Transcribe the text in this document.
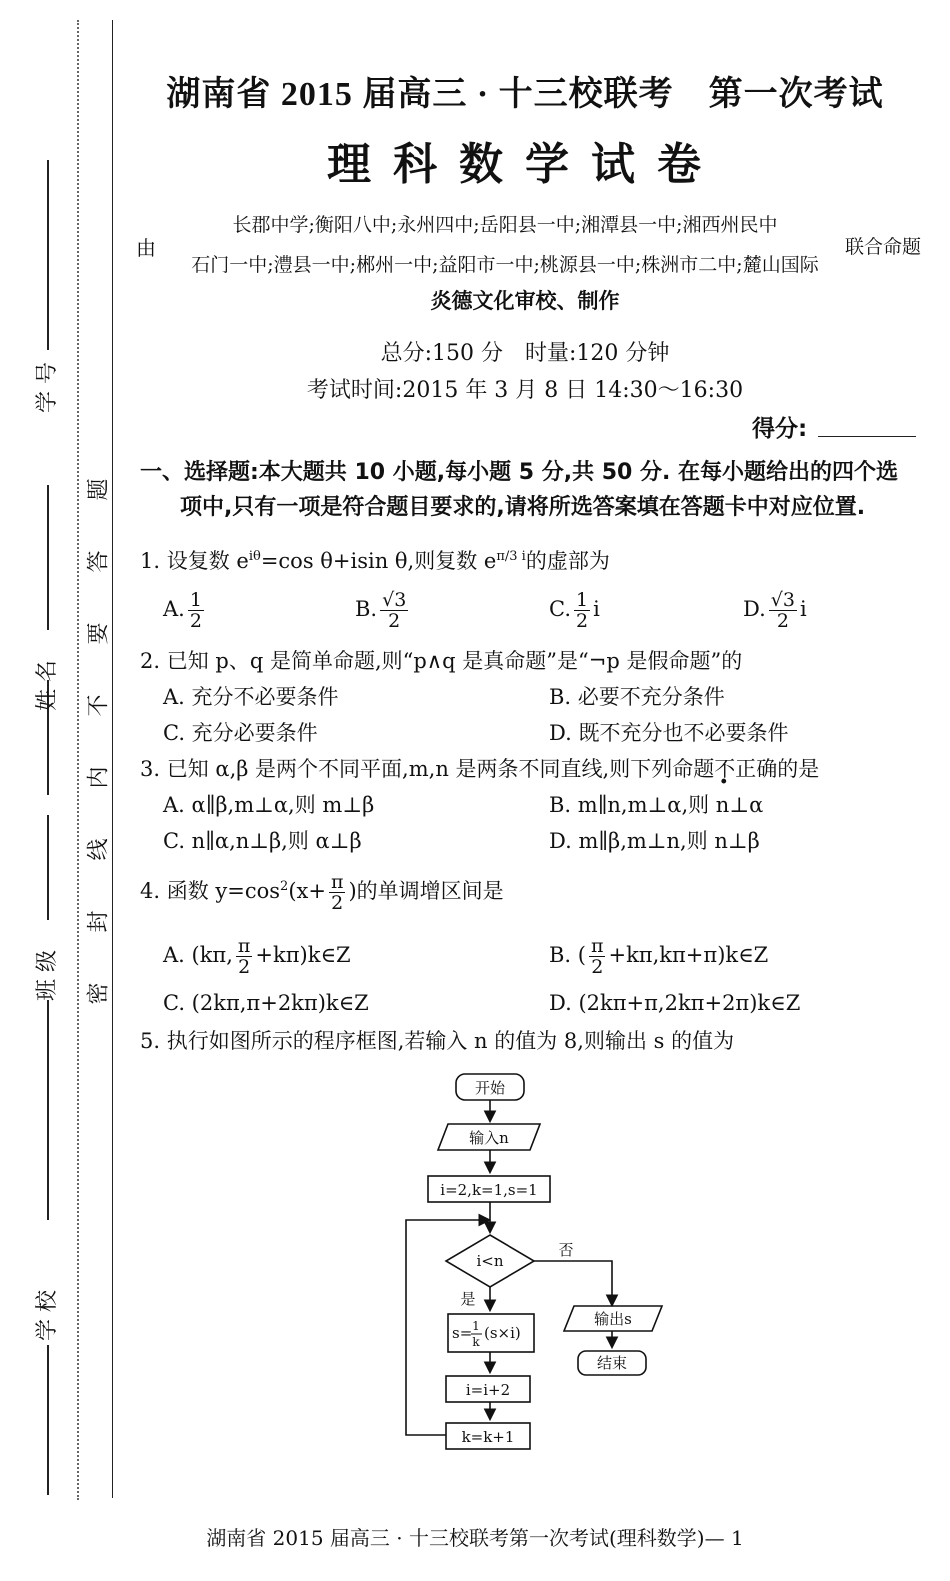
学 号
姓 名
班 级
学 校
密
封
线
内
不
要
答
题
湖南省 2015 届高三 · 十三校联考　第一次考试
理科数学试卷
由
长郡中学;衡阳八中;永州四中;岳阳县一中;湘潭县一中;湘西州民中
石门一中;澧县一中;郴州一中;益阳市一中;桃源县一中;株洲市二中;麓山国际
联合命题
炎德文化审校、制作
总分:150 分　时量:120 分钟
考试时间:2015 年 3 月 8 日 14:30～16:30
得分:
一、选择题:本大题共 10 小题,每小题 5 分,共 50 分. 在每小题给出的四个选
项中,只有一项是符合题目要求的,请将所选答案填在答题卡中对应位置.
1. 设复数 $e^{i\theta}=\cos$ θ+isin θ,则复数 $e^{\pi/3 i}$的虚部为
A. $\frac{1}{2}$	B. $\frac{√3}{2}$	C. $\frac{1}{2}$ i	D. $\frac{√3}{2}$ i
2. 已知 p、q 是简单命题,则“p∧q 是真命题”是“¬p 是假命题”的
A. 充分不必要条件	B. 必要不充分条件
C. 充分必要条件	D. 既不充分也不必要条件
3. 已知 α,β 是两个不同平面,m,n 是两条不同直线,则下列命题不正确的是
A. α∥β,m⊥α,则 m⊥β	B. m∥n,m⊥α,则 n⊥α
C. n∥α,n⊥β,则 α⊥β	D. m∥β,m⊥n,则 n⊥β
4. 函数 $y=\cos^2(x+ \frac{\pi}{2}$ )的单调增区间是
A. (kπ, $\frac{\pi}{2}$ +kπ)k∈Z	B. ( $\frac{\pi}{2}$ +kπ,kπ+π)k∈Z
C. (2kπ,π+2kπ)k∈Z	D. (2kπ+π,2kπ+2π)k∈Z
5. 执行如图所示的程序框图,若输入 n 的值为 8,则输出 s 的值为
开始
输入n
i=2,k=1,s=1
i<n
否
是
s= 1
k (s×i)
i=i+2
k=k+1
输出s
结束
湖南省 2015 届高三 · 十三校联考第一次考试(理科数学)— 1
